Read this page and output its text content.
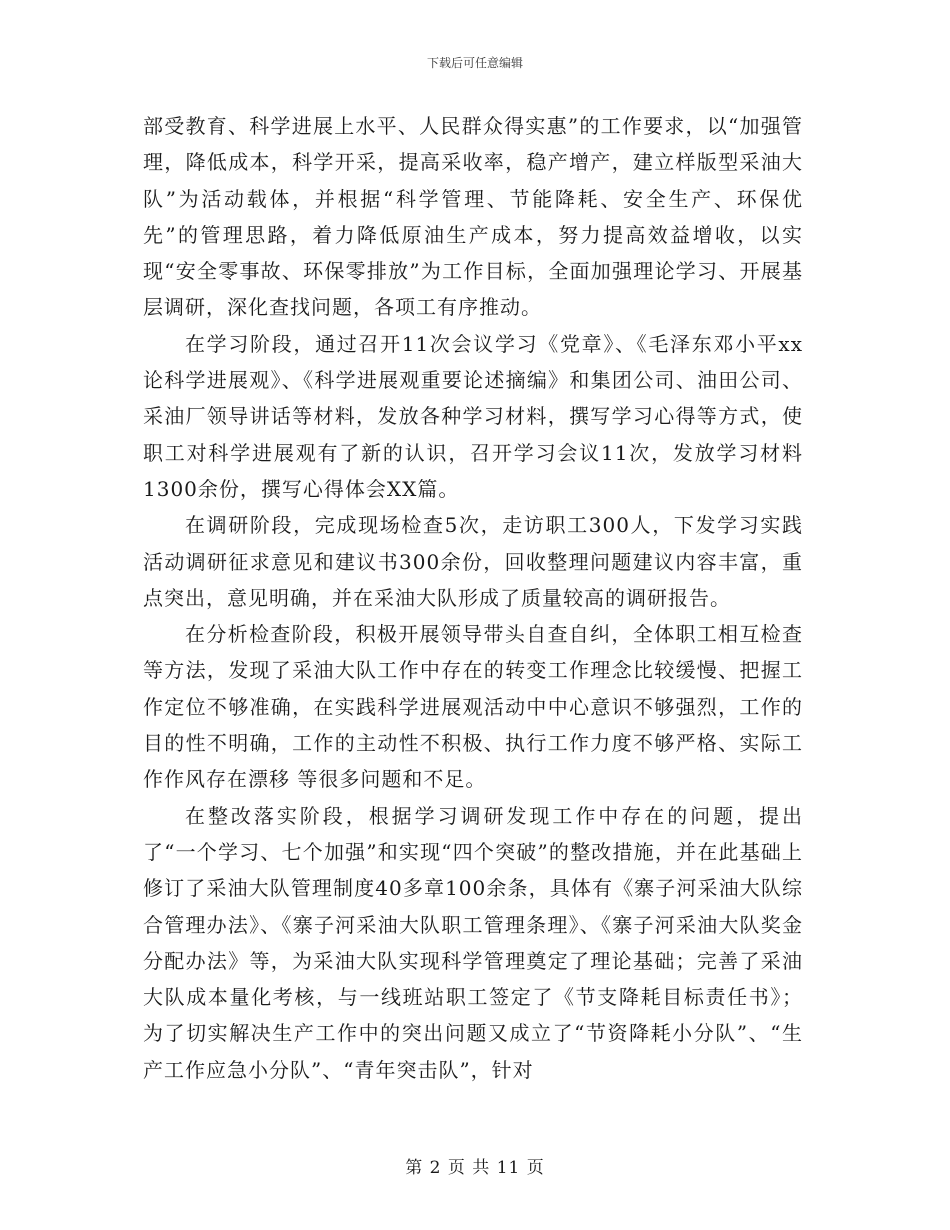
下载后可任意编辑

部受教育、科学进展上水平、人民群众得实惠”的工作要求，以“加强管理，降低成本，科学开采，提高采收率，稳产增产，建立样版型采油大队”为活动载体，并根据“科学管理、节能降耗、安全生产、环保优先”的管理思路，着力降低原油生产成本，努力提高效益增收，以实现“安全零事故、环保零排放”为工作目标，全面加强理论学习、开展基层调研，深化查找问题，各项工有序推动。

在学习阶段，通过召开11次会议学习《党章》、《毛泽东邓小平xx论科学进展观》、《科学进展观重要论述摘编》和集团公司、油田公司、采油厂领导讲话等材料，发放各种学习材料，撰写学习心得等方式，使职工对科学进展观有了新的认识，召开学习会议11次，发放学习材料1300余份，撰写心得体会XX篇。

在调研阶段，完成现场检查5次，走访职工300人，下发学习实践活动调研征求意见和建议书300余份，回收整理问题建议内容丰富，重点突出，意见明确，并在采油大队形成了质量较高的调研报告。

在分析检查阶段，积极开展领导带头自查自纠，全体职工相互检查等方法，发现了采油大队工作中存在的转变工作理念比较缓慢、把握工作定位不够准确，在实践科学进展观活动中中心意识不够强烈，工作的目的性不明确，工作的主动性不积极、执行工作力度不够严格、实际工作作风存在漂移 等很多问题和不足。

在整改落实阶段，根据学习调研发现工作中存在的问题，提出了“一个学习、七个加强”和实现“四个突破”的整改措施，并在此基础上修订了采油大队管理制度40多章100余条，具体有《寨子河采油大队综合管理办法》、《寨子河采油大队职工管理条理》、《寨子河采油大队奖金分配办法》等，为采油大队实现科学管理奠定了理论基础；完善了采油大队成本量化考核，与一线班站职工签定了《节支降耗目标责任书》；为了切实解决生产工作中的突出问题又成立了“节资降耗小分队”、“生产工作应急小分队”、“青年突击队”，针对

第 2 页 共 11 页
